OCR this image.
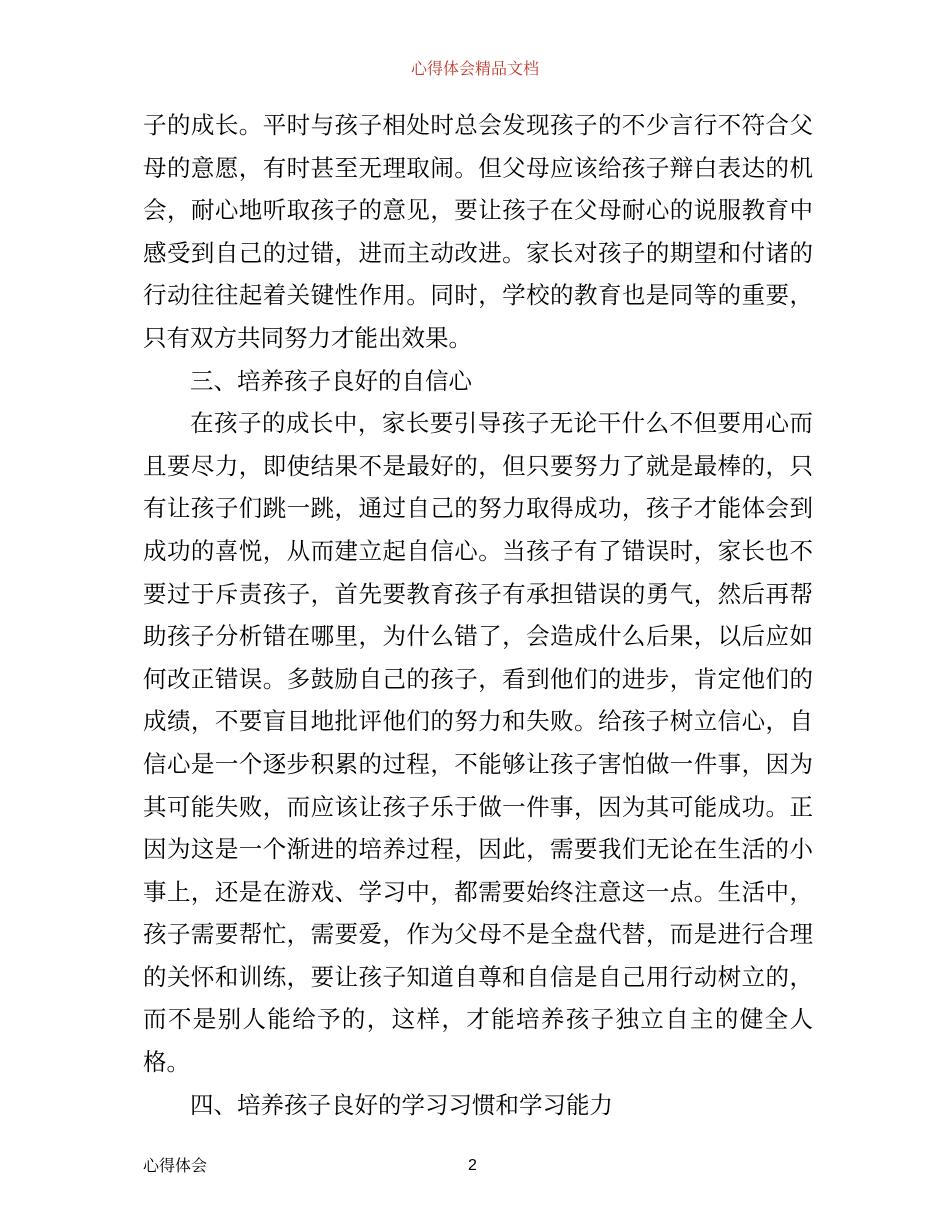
心得体会精品文档

子的成长。平时与孩子相处时总会发现孩子的不少言行不符合父母的意愿，有时甚至无理取闹。但父母应该给孩子辩白表达的机会，耐心地听取孩子的意见，要让孩子在父母耐心的说服教育中感受到自己的过错，进而主动改进。家长对孩子的期望和付诸的行动往往起着关键性作用。同时，学校的教育也是同等的重要，只有双方共同努力才能出效果。

三、培养孩子良好的自信心

在孩子的成长中，家长要引导孩子无论干什么不但要用心而且要尽力，即使结果不是最好的，但只要努力了就是最棒的，只有让孩子们跳一跳，通过自己的努力取得成功，孩子才能体会到成功的喜悦，从而建立起自信心。当孩子有了错误时，家长也不要过于斥责孩子，首先要教育孩子有承担错误的勇气，然后再帮助孩子分析错在哪里，为什么错了，会造成什么后果，以后应如何改正错误。多鼓励自己的孩子，看到他们的进步，肯定他们的成绩，不要盲目地批评他们的努力和失败。给孩子树立信心，自信心是一个逐步积累的过程，不能够让孩子害怕做一件事，因为其可能失败，而应该让孩子乐于做一件事，因为其可能成功。正因为这是一个渐进的培养过程，因此，需要我们无论在生活的小事上，还是在游戏、学习中，都需要始终注意这一点。生活中，孩子需要帮忙，需要爱，作为父母不是全盘代替，而是进行合理的关怀和训练，要让孩子知道自尊和自信是自己用行动树立的，而不是别人能给予的，这样，才能培养孩子独立自主的健全人格。

四、培养孩子良好的学习习惯和学习能力

心得体会	2
